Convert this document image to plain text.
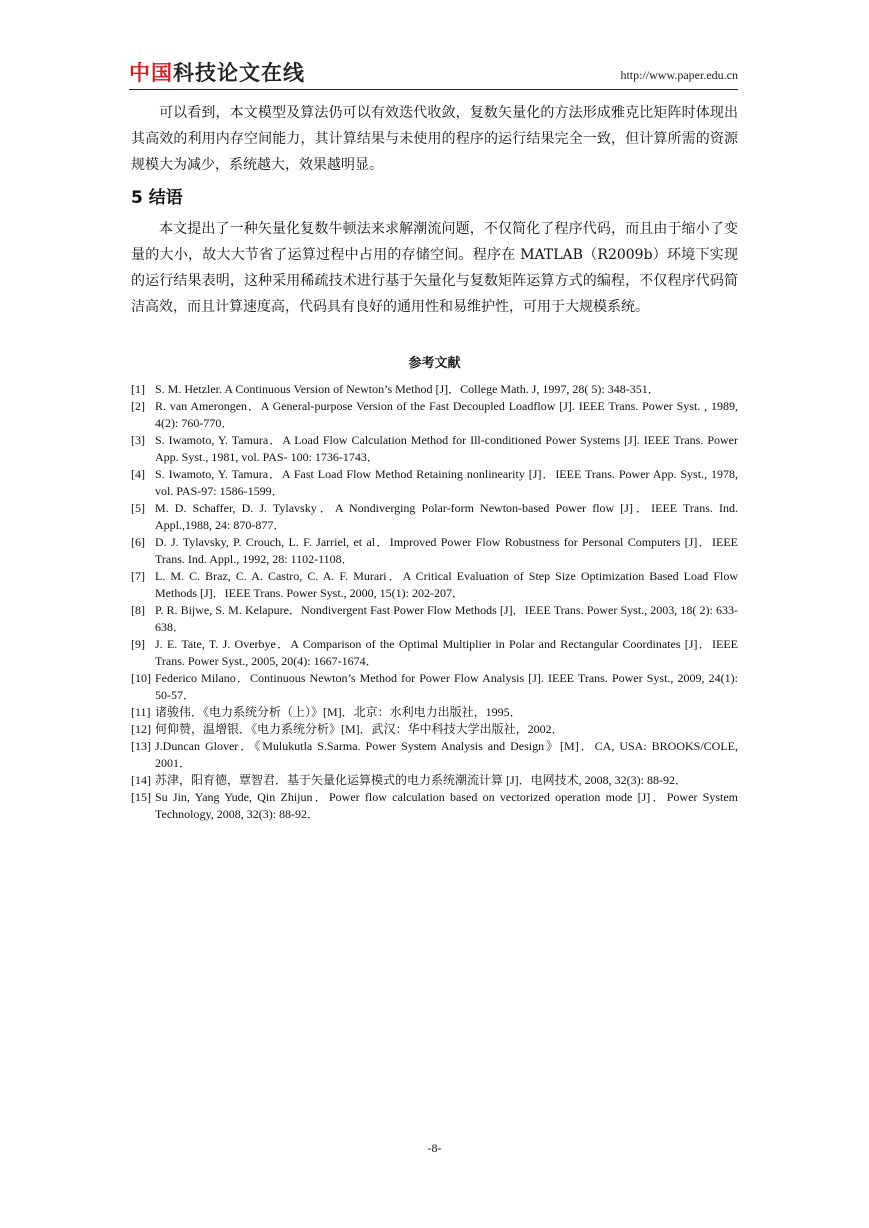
中国科技论文在线	http://www.paper.edu.cn

可以看到，本文模型及算法仍可以有效迭代收敛，复数矢量化的方法形成雅克比矩阵时体现出其高效的利用内存空间能力，其计算结果与未使用的程序的运行结果完全一致，但计算所需的资源规模大为减少，系统越大，效果越明显。

5 结语

本文提出了一种矢量化复数牛顿法来求解潮流问题，不仅简化了程序代码，而且由于缩小了变量的大小，故大大节省了运算过程中占用的存储空间。程序在 MATLAB（R2009b）环境下实现的运行结果表明，这种采用稀疏技术进行基于矢量化与复数矩阵运算方式的编程，不仅程序代码简洁高效，而且计算速度高，代码具有良好的通用性和易维护性，可用于大规模系统。

参考文献
[1] S. M. Hetzler. A Continuous Version of Newton’s Method [J]．College Math. J, 1997, 28( 5): 348-351．
[2] R. van Amerongen．A General-purpose Version of the Fast Decoupled Loadflow [J]. IEEE Trans. Power Syst. , 1989, 4(2): 760-770．
[3] S. Iwamoto, Y. Tamura．A Load Flow Calculation Method for Ill-conditioned Power Systems [J]. IEEE Trans. Power App. Syst., 1981, vol. PAS- 100: 1736-1743．
[4] S. Iwamoto, Y. Tamura．A Fast Load Flow Method Retaining nonlinearity [J]．IEEE Trans. Power App. Syst., 1978, vol. PAS-97: 1586-1599．
[5] M. D. Schaffer, D. J. Tylavsky．A Nondiverging Polar-form Newton-based Power flow [J]．IEEE Trans. Ind. Appl.,1988, 24: 870-877．
[6] D. J. Tylavsky, P. Crouch, L. F. Jarriel, et al．Improved Power Flow Robustness for Personal Computers [J]．IEEE Trans. Ind. Appl., 1992, 28: 1102-1108．
[7] L. M. C. Braz, C. A. Castro, C. A. F. Murari．A Critical Evaluation of Step Size Optimization Based Load Flow Methods [J]．IEEE Trans. Power Syst., 2000, 15(1): 202-207．
[8] P. R. Bijwe, S. M. Kelapure．Nondivergent Fast Power Flow Methods [J]．IEEE Trans. Power Syst., 2003, 18( 2): 633-638．
[9] J. E. Tate, T. J. Overbye．A Comparison of the Optimal Multiplier in Polar and Rectangular Coordinates [J]．IEEE Trans. Power Syst., 2005, 20(4): 1667-1674．
[10] Federico Milano．Continuous Newton’s Method for Power Flow Analysis [J]. IEEE Trans. Power Syst., 2009, 24(1): 50-57．
[11] 诸骏伟．《电力系统分析（上）》[M]．北京：水利电力出版社，1995．
[12] 何仰赞，温增银．《电力系统分析》[M]．武汉：华中科技大学出版社，2002．
[13] J.Duncan Glover．《Mulukutla S.Sarma. Power System Analysis and Design》[M]．CA, USA: BROOKS/COLE, 2001．
[14] 苏津，阳育德，覃智君．基于矢量化运算模式的电力系统潮流计算 [J]．电网技术, 2008, 32(3): 88-92．
[15] Su Jin, Yang Yude, Qin Zhijun．Power flow calculation based on vectorized operation mode [J]．Power System Technology, 2008, 32(3): 88-92．
-8-
